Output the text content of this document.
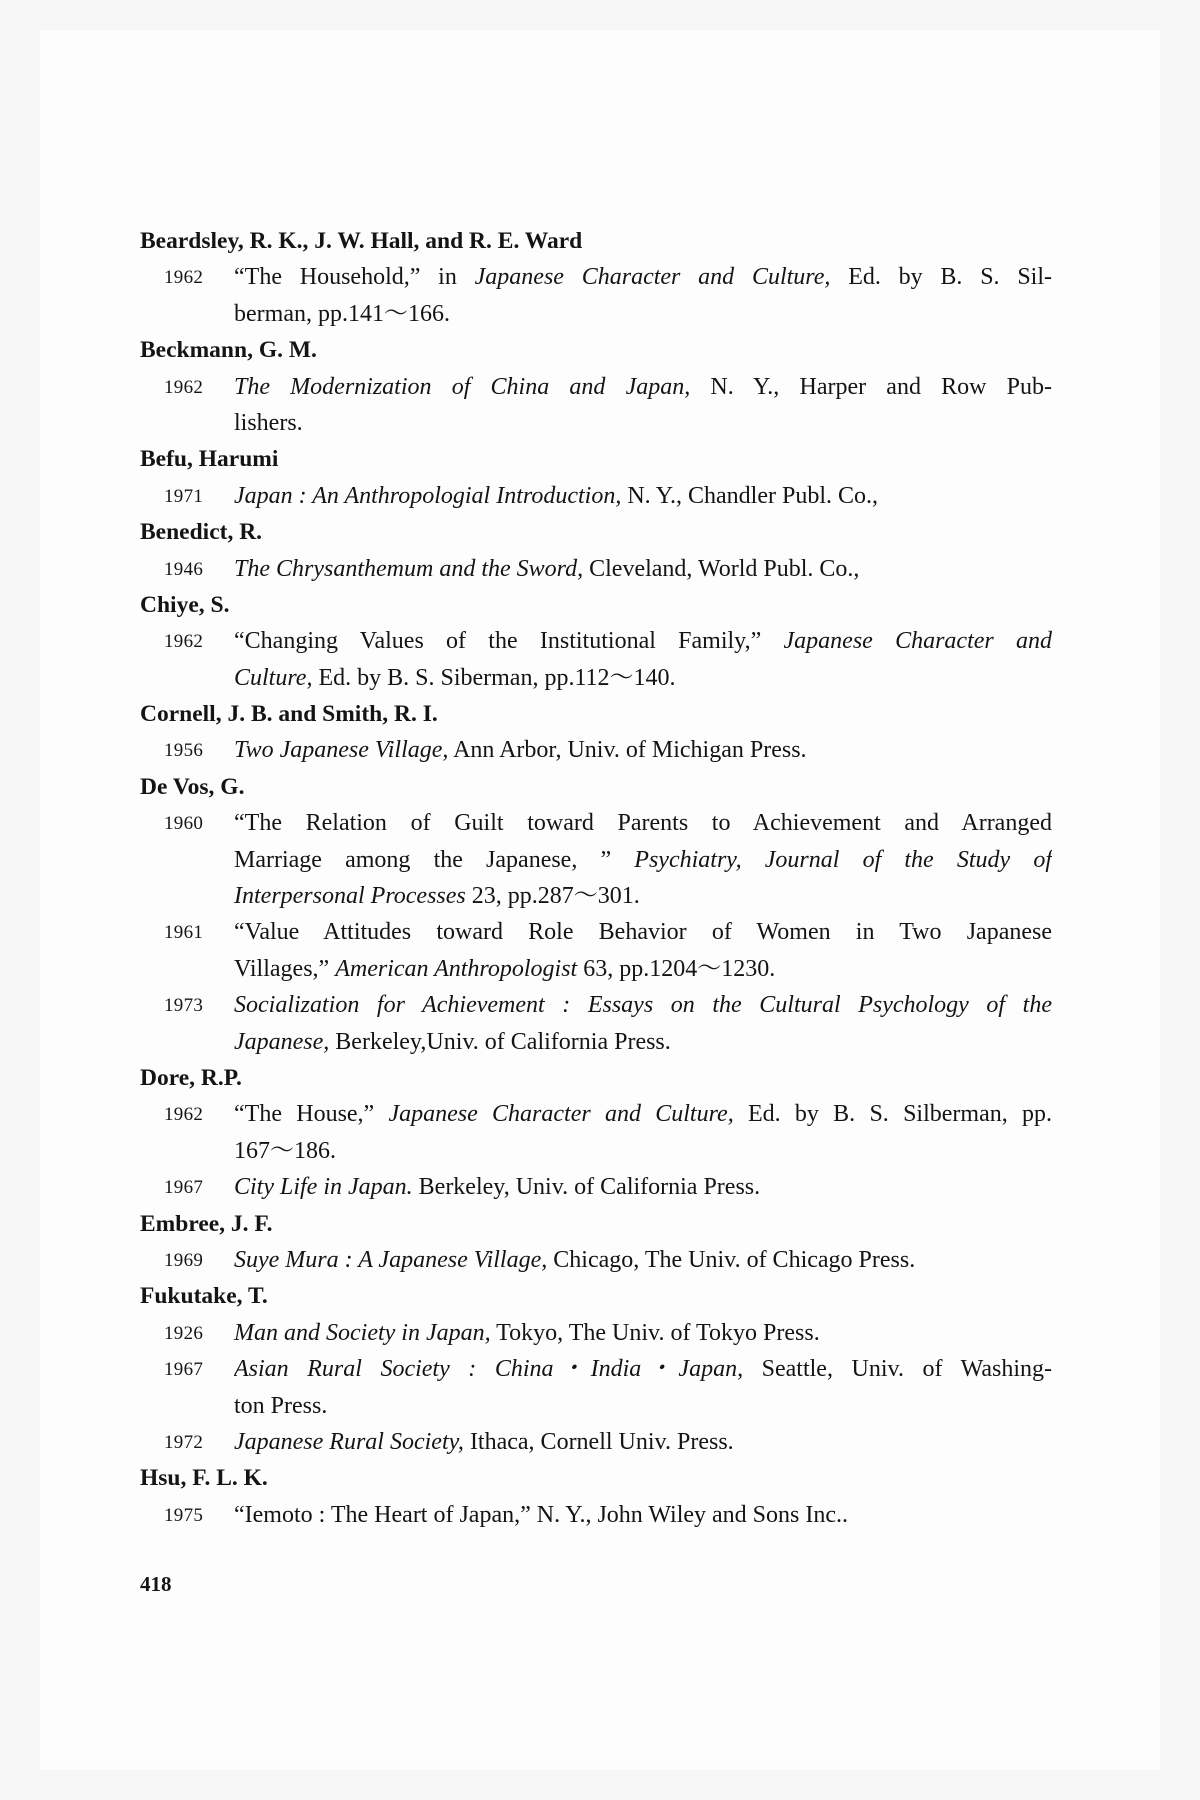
Beardsley, R. K., J. W. Hall, and R. E. Ward
1962 “The Household,” in Japanese Character and Culture, Ed. by B. S. Sil-
berman, pp.141～166.
Beckmann, G. M.
1962 The Modernization of China and Japan, N. Y., Harper and Row Pub-
lishers.
Befu, Harumi
1971 Japan : An Anthropologial Introduction, N. Y., Chandler Publ. Co.,
Benedict, R.
1946 The Chrysanthemum and the Sword, Cleveland, World Publ. Co.,
Chiye, S.
1962 “Changing Values of the Institutional Family,” Japanese Character and
Culture, Ed. by B. S. Siberman, pp.112～140.
Cornell, J. B. and Smith, R. I.
1956 Two Japanese Village, Ann Arbor, Univ. of Michigan Press.
De Vos, G.
1960 “The Relation of Guilt toward Parents to Achievement and Arranged
Marriage among the Japanese, ” Psychiatry, Journal of the Study of
Interpersonal Processes 23, pp.287～301.
1961 “Value Attitudes toward Role Behavior of Women in Two Japanese
Villages,” American Anthropologist 63, pp.1204～1230.
1973 Socialization for Achievement : Essays on the Cultural Psychology of the
Japanese, Berkeley,Univ. of California Press.
Dore, R.P.
1962 “The House,” Japanese Character and Culture, Ed. by B. S. Silberman, pp.
167～186.
1967 City Life in Japan. Berkeley, Univ. of California Press.
Embree, J. F.
1969 Suye Mura : A Japanese Village, Chicago, The Univ. of Chicago Press.
Fukutake, T.
1926 Man and Society in Japan, Tokyo, The Univ. of Tokyo Press.
1967 Asian Rural Society : China･India･Japan, Seattle, Univ. of Washing-
ton Press.
1972 Japanese Rural Society, Ithaca, Cornell Univ. Press.
Hsu, F. L. K.
1975 “Iemoto : The Heart of Japan,” N. Y., John Wiley and Sons Inc..
418
